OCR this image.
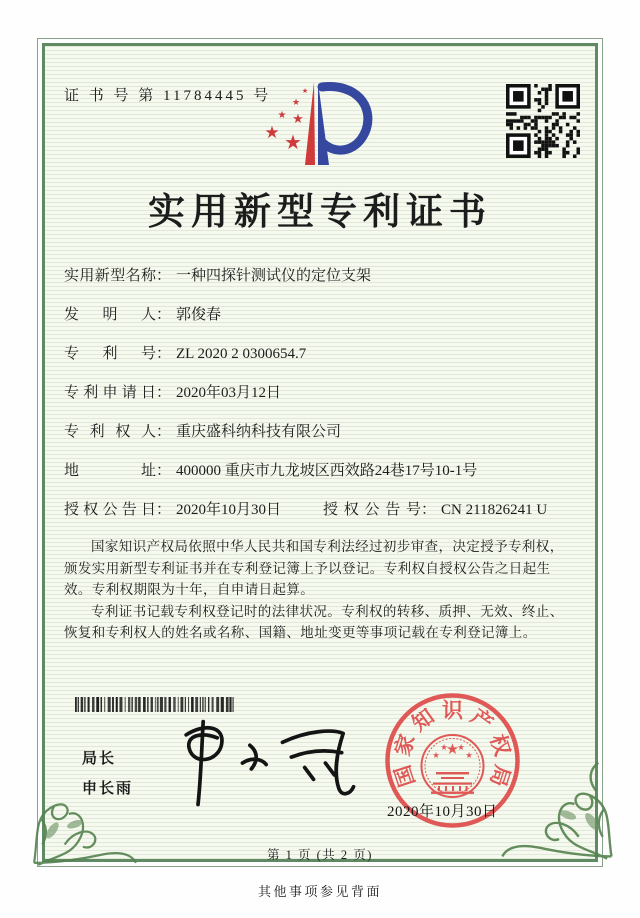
证 书 号 第 11784445 号
★ ★
★
★
★
★
实用新型专利证书
实用新型名称： 一种四探针测试仪的定位支架
发明人： 郭俊春
专利号： ZL 2020 2 0300654.7
专利申请日： 2020年03月12日
专利权人： 重庆盛科纳科技有限公司
地址： 400000 重庆市九龙坡区西效路24巷17号10-1号
授权公告日： 2020年10月30日	授权公告号： CN 211826241 U

国家知识产权局依照中华人民共和国专利法经过初步审查，决定授予专利权，颁发实用新型专利证书并在专利登记簿上予以登记。专利权自授权公告之日起生效。专利权期限为十年，自申请日起算。

专利证书记载专利权登记时的法律状况。专利权的转移、质押、无效、终止、恢复和专利权人的姓名或名称、国籍、地址变更等事项记载在专利登记簿上。

局长
申长雨	国
家
知 识 产
权
局
★
★
★ ★
★
2020年10月30日
第 1 页 (共 2 页)
其他事项参见背面
